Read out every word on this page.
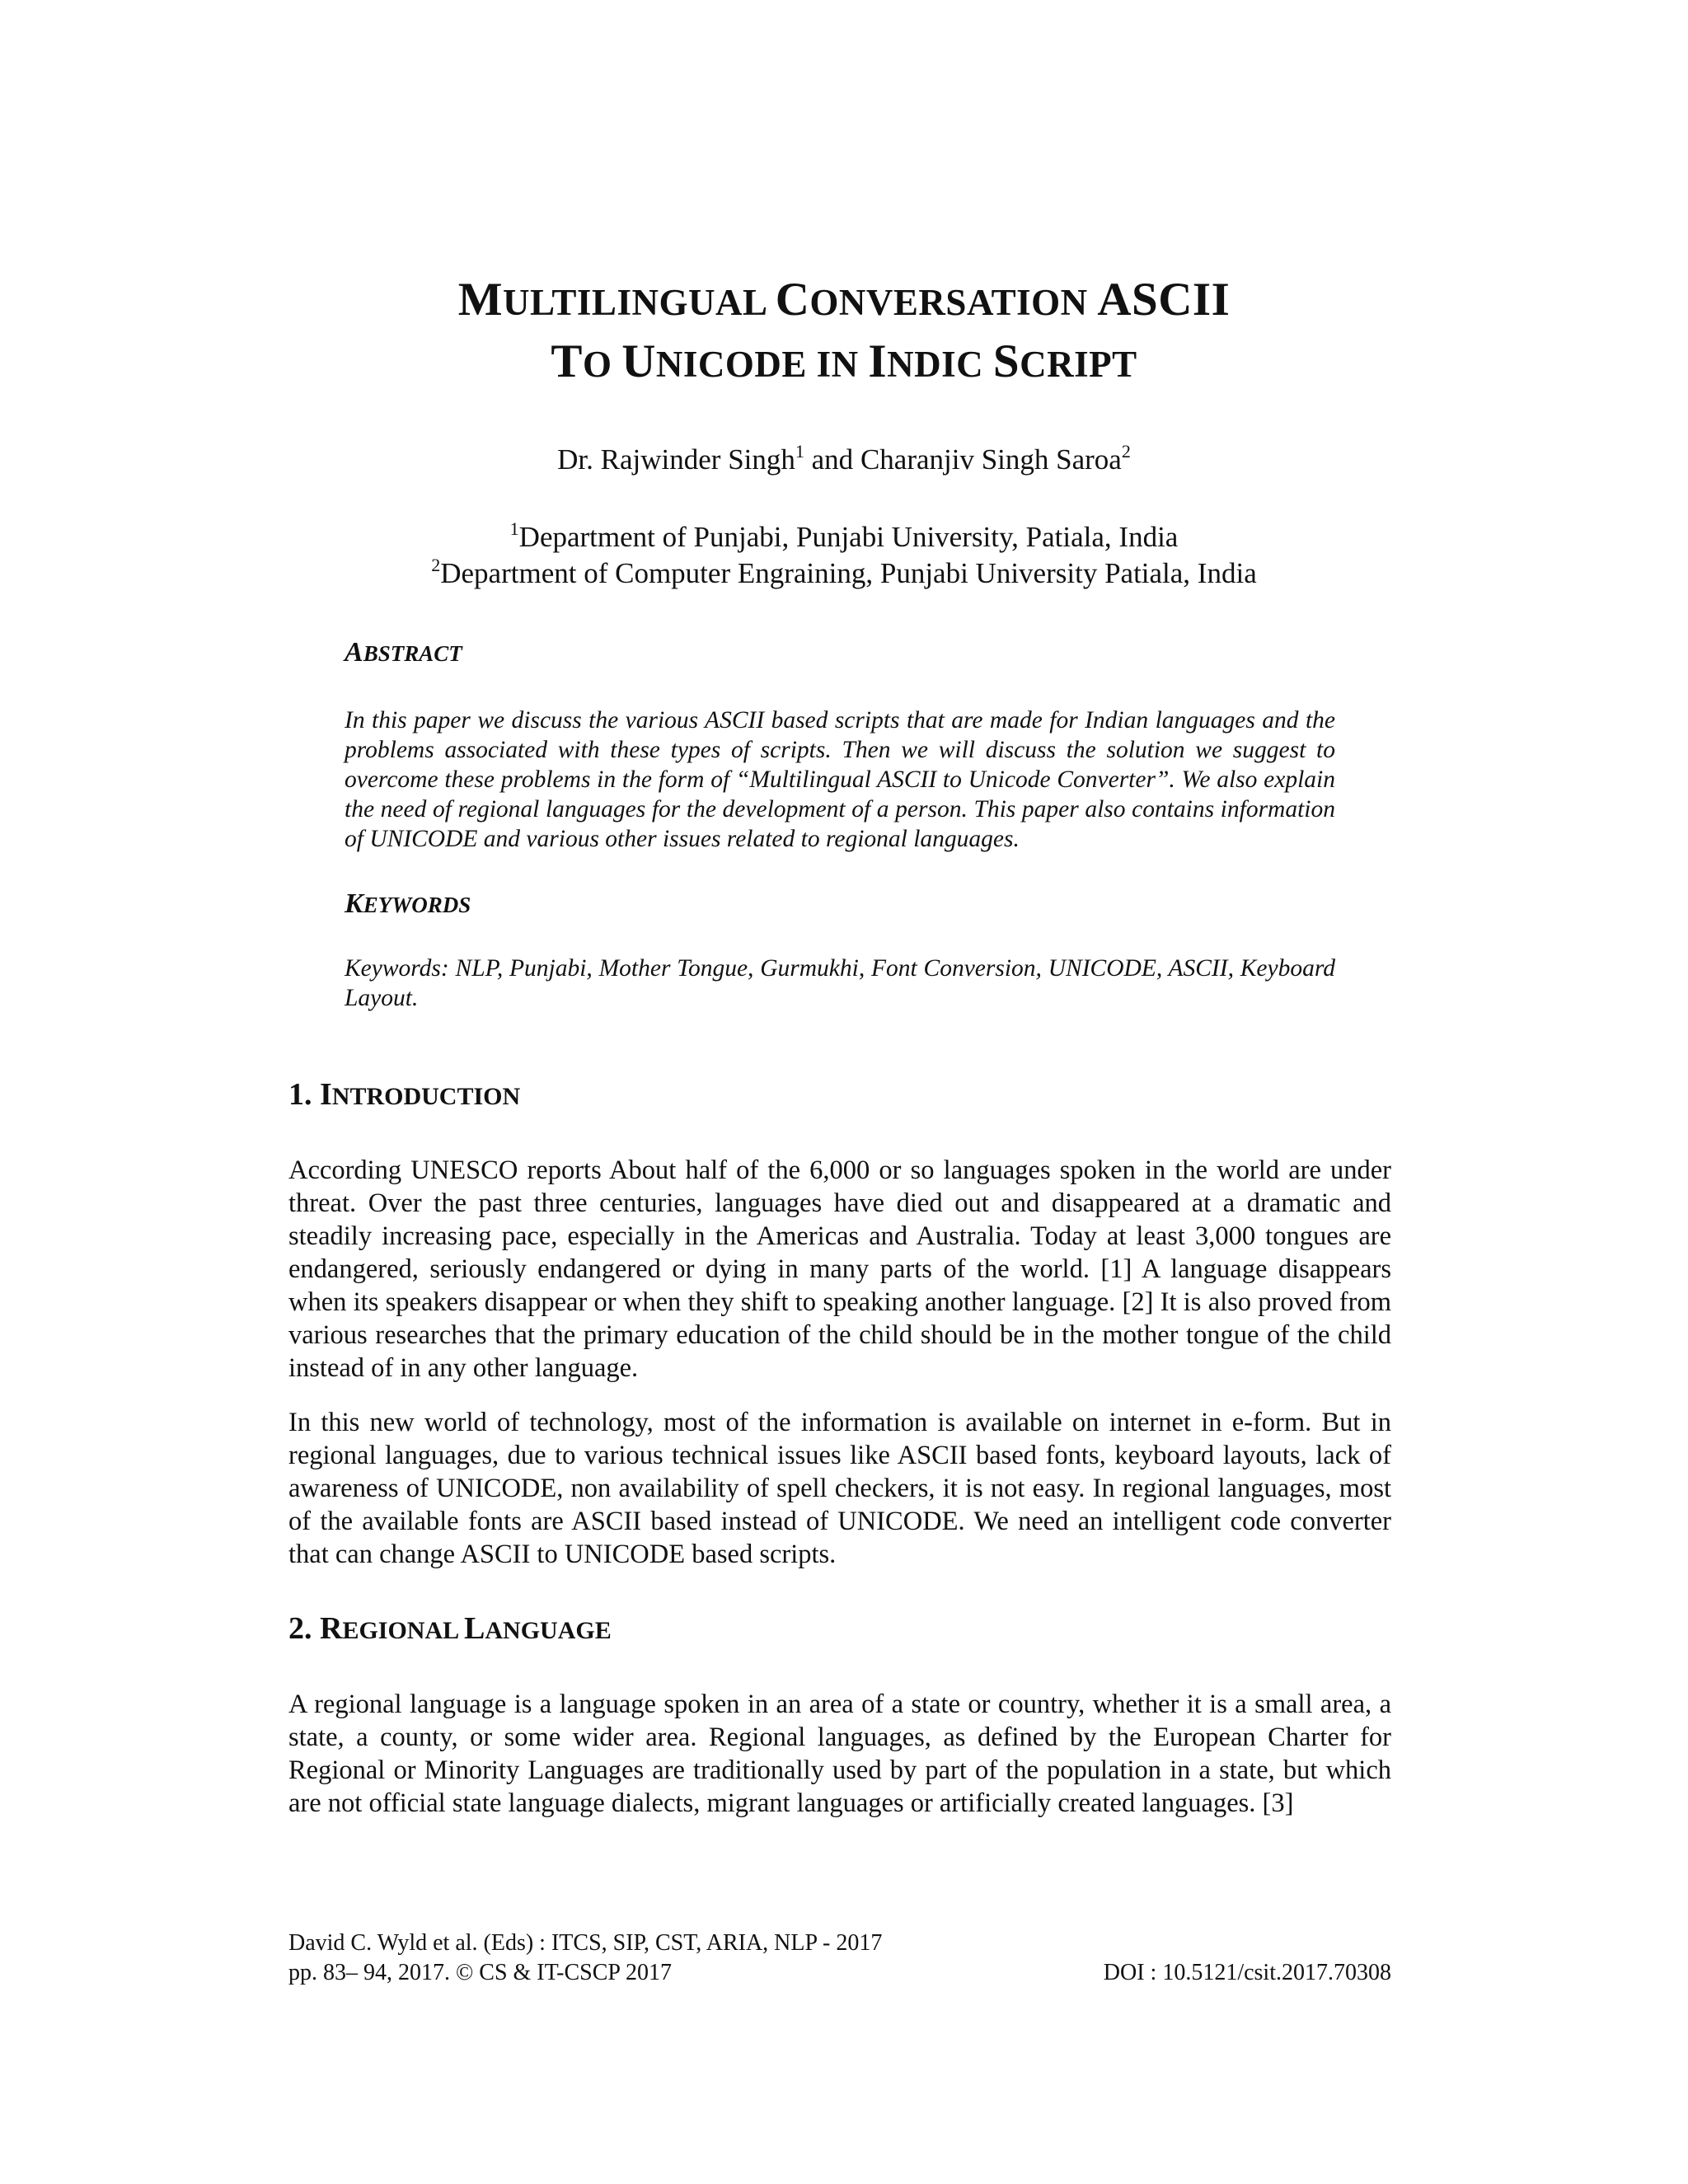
MULTILINGUAL CONVERSATION ASCII
TO UNICODE IN INDIC SCRIPT
Dr. Rajwinder Singh$^1$ and Charanjiv Singh Saroa$^2$
$^1$Department of Punjabi, Punjabi University, Patiala, India
$^2$Department of Computer Engraining, Punjabi University Patiala, India
ABSTRACT
In this paper we discuss the various ASCII based scripts that are made for Indian languages and the problems associated with these types of scripts. Then we will discuss the solution we suggest to overcome these problems in the form of “Multilingual ASCII to Unicode Converter”. We also explain the need of regional languages for the development of a person. This paper also contains information of UNICODE and various other issues related to regional languages.
KEYWORDS
Keywords: NLP, Punjabi, Mother Tongue, Gurmukhi, Font Conversion, UNICODE, ASCII, Keyboard Layout.
1. INTRODUCTION
According UNESCO reports About half of the 6,000 or so languages spoken in the world are under threat. Over the past three centuries, languages have died out and disappeared at a dramatic and steadily increasing pace, especially in the Americas and Australia. Today at least 3,000 tongues are endangered, seriously endangered or dying in many parts of the world. [1] A language disappears when its speakers disappear or when they shift to speaking another language. [2] It is also proved from various researches that the primary education of the child should be in the mother tongue of the child instead of in any other language.
In this new world of technology, most of the information is available on internet in e-form. But in regional languages, due to various technical issues like ASCII based fonts, keyboard layouts, lack of awareness of UNICODE, non availability of spell checkers, it is not easy. In regional languages, most of the available fonts are ASCII based instead of UNICODE. We need an intelligent code converter that can change ASCII to UNICODE based scripts.
2. REGIONAL LANGUAGE
A regional language is a language spoken in an area of a state or country, whether it is a small area, a state, a county, or some wider area. Regional languages, as defined by the European Charter for Regional or Minority Languages are traditionally used by part of the population in a state, but which are not official state language dialects, migrant languages or artificially created languages. [3]
David C. Wyld et al. (Eds) : ITCS, SIP, CST, ARIA, NLP - 2017
pp. 83– 94, 2017. © CS & IT-CSCP 2017	DOI : 10.5121/csit.2017.70308
